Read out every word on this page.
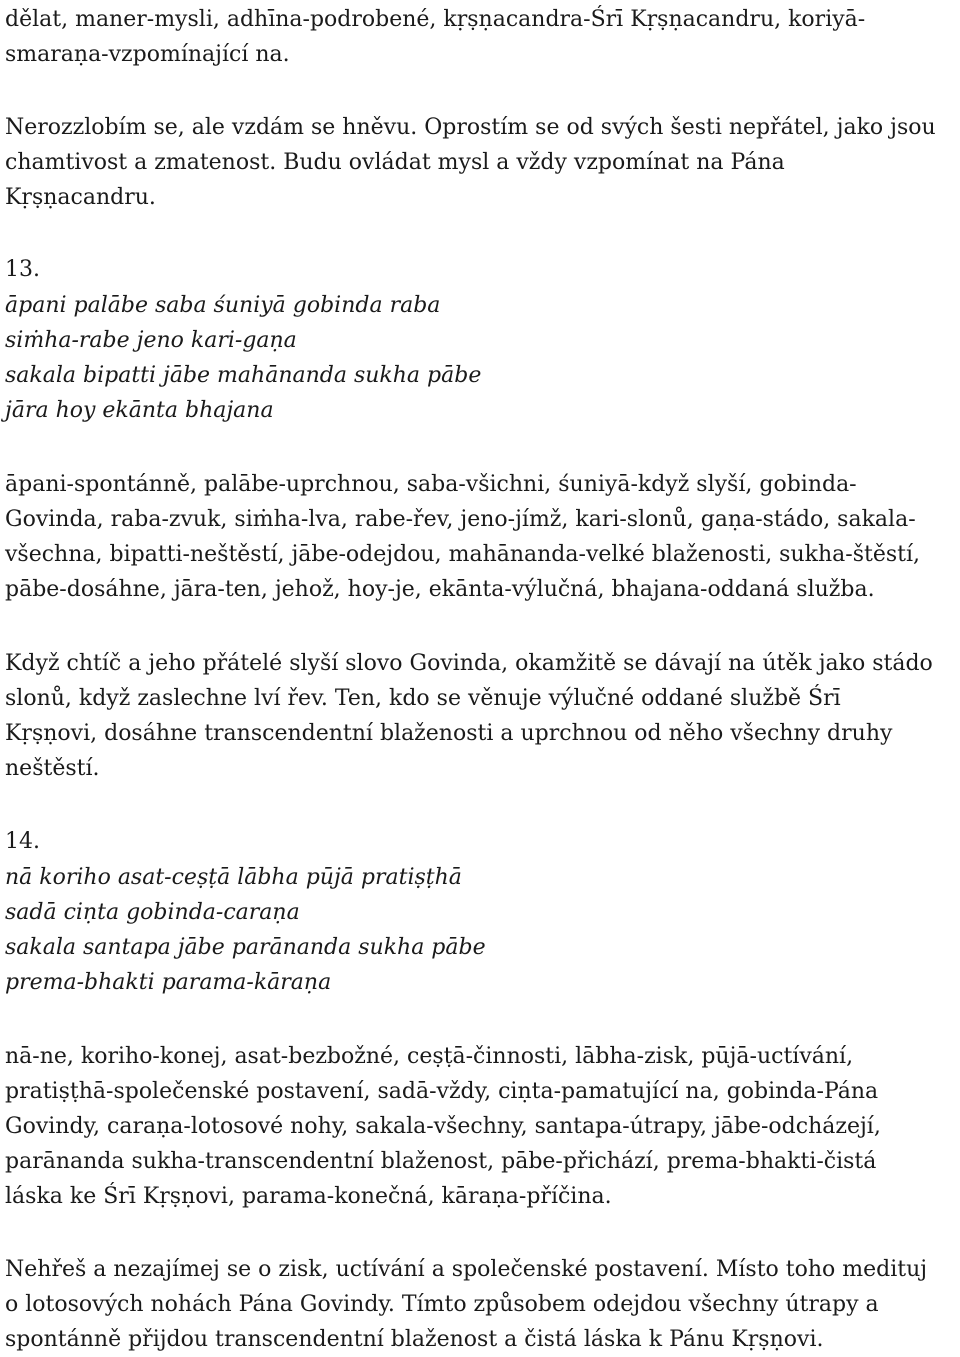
dělat, maner-mysli, adhīna-podrobené, kṛṣṇacandra-Śrī Kṛṣṇacandru, koriyā-
smaraṇa-vzpomínající na.
Nerozzlobím se, ale vzdám se hněvu. Oprostím se od svých šesti nepřátel, jako jsou
chamtivost a zmatenost. Budu ovládat mysl a vždy vzpomínat na Pána
Kṛṣṇacandru.
13.
āpani palābe saba śuniyā gobinda raba
siṁha-rabe jeno kari-gaṇa
sakala bipatti jābe mahānanda sukha pābe
jāra hoy ekānta bhajana
āpani-spontánně, palābe-uprchnou, saba-všichni, śuniyā-když slyší, gobinda-
Govinda, raba-zvuk, siṁha-lva, rabe-řev, jeno-jímž, kari-slonů, gaṇa-stádo, sakala-
všechna, bipatti-neštěstí, jābe-odejdou, mahānanda-velké blaženosti, sukha-štěstí,
pābe-dosáhne, jāra-ten, jehož, hoy-je, ekānta-výlučná, bhajana-oddaná služba.
Když chtíč a jeho přátelé slyší slovo Govinda, okamžitě se dávají na útěk jako stádo
slonů, když zaslechne lví řev. Ten, kdo se věnuje výlučné oddané službě Śrī
Kṛṣṇovi, dosáhne transcendentní blaženosti a uprchnou od něho všechny druhy
neštěstí.
14.
nā koriho asat-ceṣṭā lābha pūjā pratiṣṭhā
sadā ciṇta gobinda-caraṇa
sakala santapa jābe parānanda sukha pābe
prema-bhakti parama-kāraṇa
nā-ne, koriho-konej, asat-bezbožné, ceṣṭā-činnosti, lābha-zisk, pūjā-uctívání,
pratiṣṭhā-společenské postavení, sadā-vždy, ciṇta-pamatující na, gobinda-Pána
Govindy, caraṇa-lotosové nohy, sakala-všechny, santapa-útrapy, jābe-odcházejí,
parānanda sukha-transcendentní blaženost, pābe-přichází, prema-bhakti-čistá
láska ke Śrī Kṛṣṇovi, parama-konečná, kāraṇa-příčina.
Nehřeš a nezajímej se o zisk, uctívání a společenské postavení. Místo toho medituj
o lotosových nohách Pána Govindy. Tímto způsobem odejdou všechny útrapy a
spontánně přijdou transcendentní blaženost a čistá láska k Pánu Kṛṣṇovi.
